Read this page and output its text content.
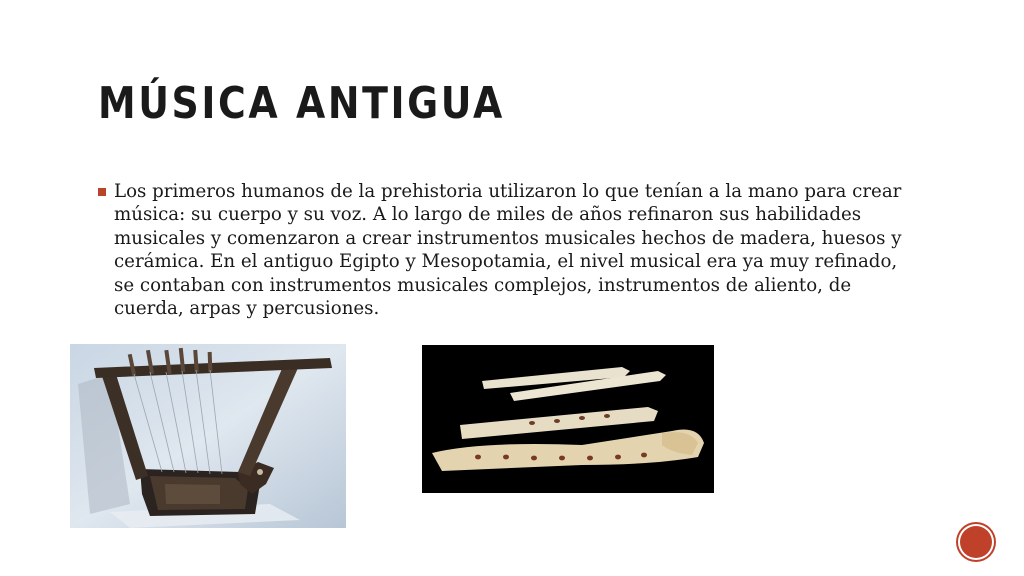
MÚSICA ANTIGUA

Los primeros humanos de la prehistoria utilizaron lo que tenían a la mano para crear música: su cuerpo y su voz. A lo largo de miles de años refinaron sus habilidades musicales y comenzaron a crear instrumentos musicales hechos de madera, huesos y cerámica. En el antiguo Egipto y Mesopotamia, el nivel musical era ya muy refinado, se contaban con instrumentos musicales complejos, instrumentos de aliento, de cuerda, arpas y percusiones.
